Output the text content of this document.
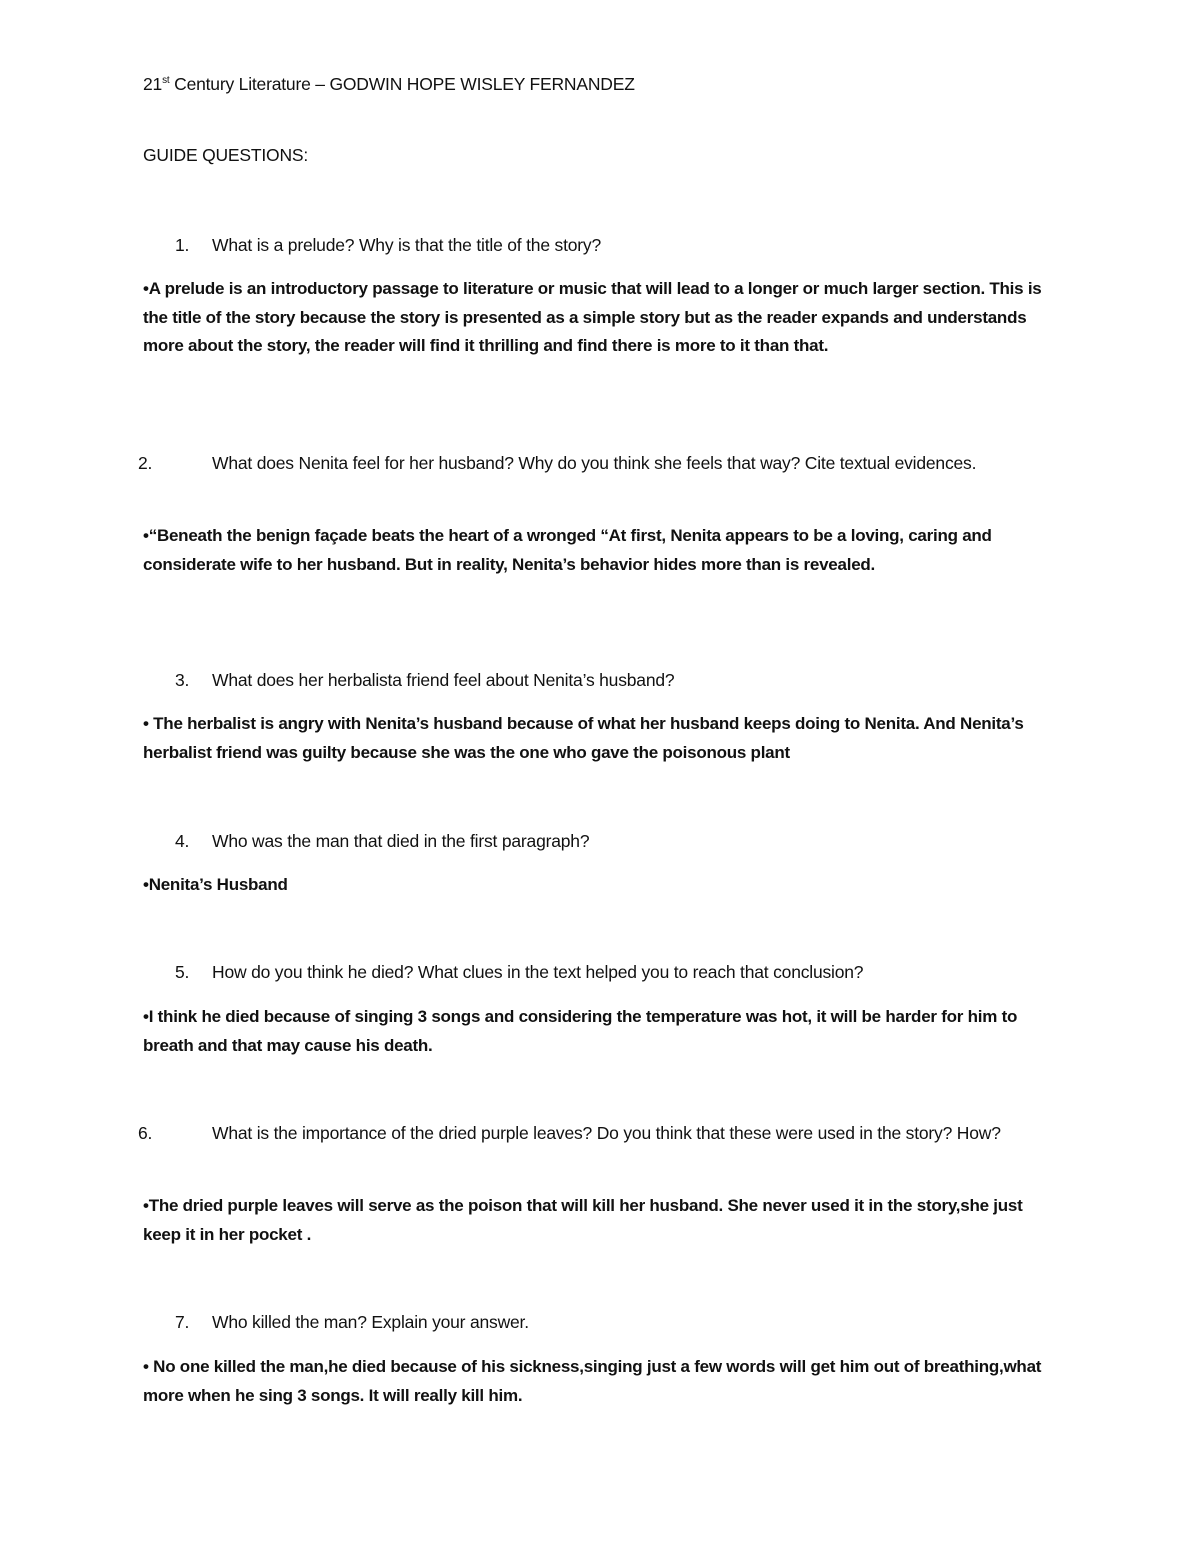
21st Century Literature – GODWIN HOPE WISLEY FERNANDEZ
GUIDE QUESTIONS:
1. What is a prelude? Why is that the title of the story?
•A prelude is an introductory passage to literature or music that will lead to a longer or much larger section. This is the title of the story because the story is presented as a simple story but as the reader expands and understands more about the story, the reader will find it thrilling and find there is more to it than that.
2.	What does Nenita feel for her husband? Why do you think she feels that way? Cite textual evidences.
•“Beneath the benign façade beats the heart of a wronged “At first, Nenita appears to be a loving, caring and considerate wife to her husband. But in reality, Nenita’s behavior hides more than is revealed.
3. What does her herbalista friend feel about Nenita’s husband?
• The herbalist is angry with Nenita’s husband because of what her husband keeps doing to Nenita. And Nenita’s herbalist friend was guilty because she was the one who gave the poisonous plant
4. Who was the man that died in the first paragraph?
•Nenita’s Husband
5. How do you think he died? What clues in the text helped you to reach that conclusion?
•I think he died because of singing 3 songs and considering the temperature was hot, it will be harder for him to breath and that may cause his death.
6.	What is the importance of the dried purple leaves? Do you think that these were used in the story? How?
•The dried purple leaves will serve as the poison that will kill her husband. She never used it in the story,she just keep it in her pocket .
7. Who killed the man? Explain your answer.
• No one killed the man,he died because of his sickness,singing just a few words will get him out of breathing,what more when he sing 3 songs. It will really kill him.
